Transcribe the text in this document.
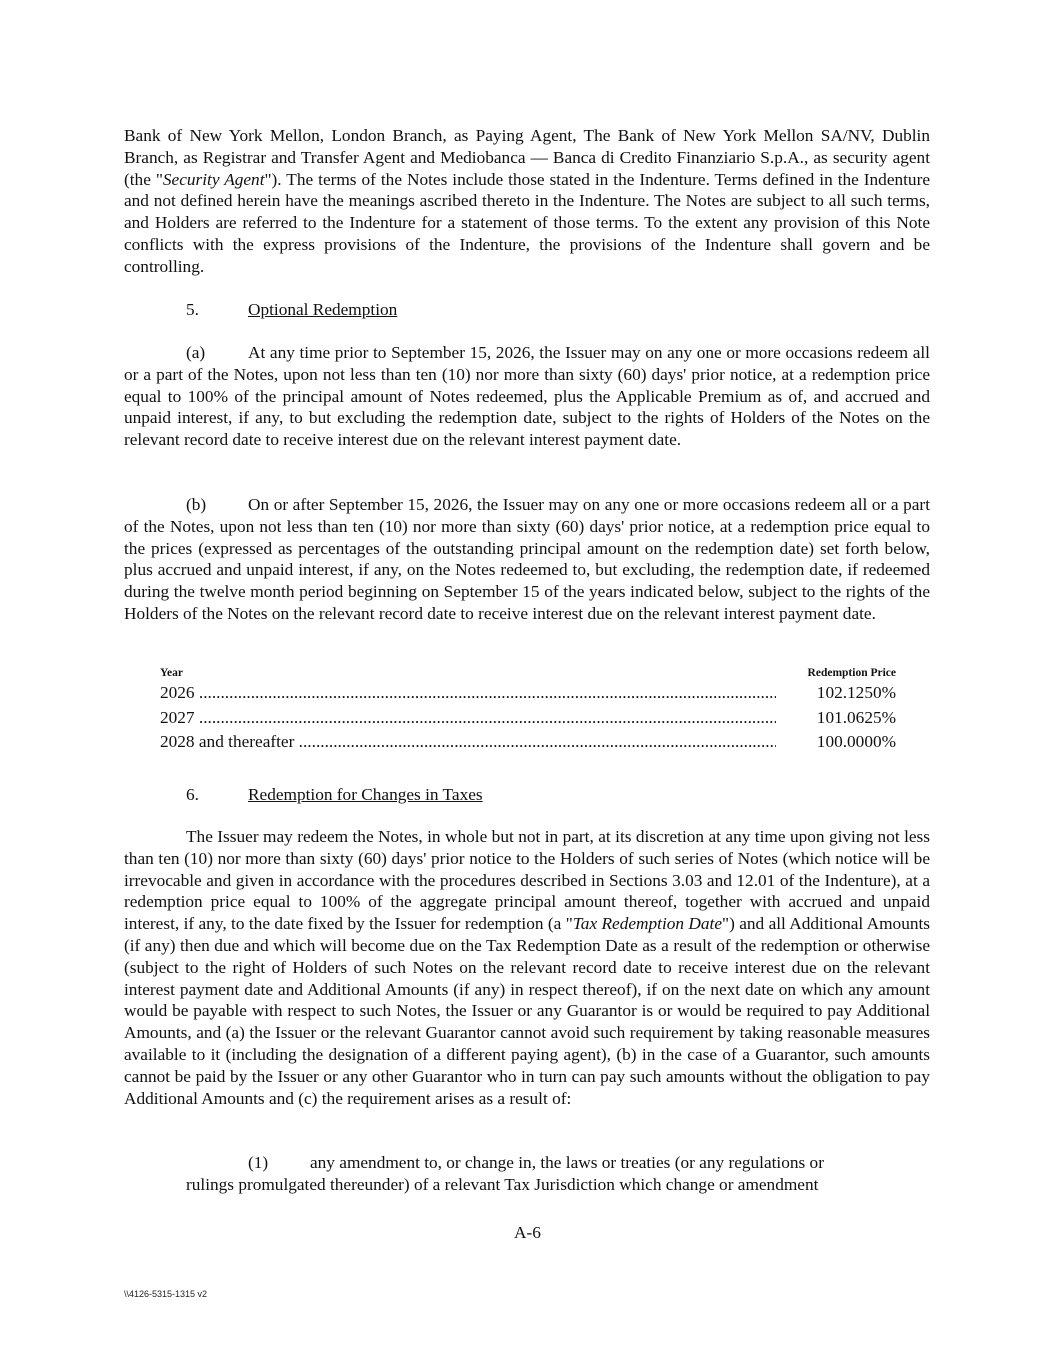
Bank of New York Mellon, London Branch, as Paying Agent, The Bank of New York Mellon SA/NV, Dublin Branch, as Registrar and Transfer Agent and Mediobanca — Banca di Credito Finanziario S.p.A., as security agent (the "Security Agent"). The terms of the Notes include those stated in the Indenture. Terms defined in the Indenture and not defined herein have the meanings ascribed thereto in the Indenture. The Notes are subject to all such terms, and Holders are referred to the Indenture for a statement of those terms. To the extent any provision of this Note conflicts with the express provisions of the Indenture, the provisions of the Indenture shall govern and be controlling.

5.	Optional Redemption

(a) At any time prior to September 15, 2026, the Issuer may on any one or more occasions redeem all or a part of the Notes, upon not less than ten (10) nor more than sixty (60) days' prior notice, at a redemption price equal to 100% of the principal amount of Notes redeemed, plus the Applicable Premium as of, and accrued and unpaid interest, if any, to but excluding the redemption date, subject to the rights of Holders of the Notes on the relevant record date to receive interest due on the relevant interest payment date.

(b) On or after September 15, 2026, the Issuer may on any one or more occasions redeem all or a part of the Notes, upon not less than ten (10) nor more than sixty (60) days' prior notice, at a redemption price equal to the prices (expressed as percentages of the outstanding principal amount on the redemption date) set forth below, plus accrued and unpaid interest, if any, on the Notes redeemed to, but excluding, the redemption date, if redeemed during the twelve month period beginning on September 15 of the years indicated below, subject to the rights of the Holders of the Notes on the relevant record date to receive interest due on the relevant interest payment date.

Year	Redemption Price
2026 .....	102.1250%
2027 .....	101.0625%
2028 and thereafter .....	100.0000%

6.	Redemption for Changes in Taxes

The Issuer may redeem the Notes, in whole but not in part, at its discretion at any time upon giving not less than ten (10) nor more than sixty (60) days' prior notice to the Holders of such series of Notes (which notice will be irrevocable and given in accordance with the procedures described in Sections 3.03 and 12.01 of the Indenture), at a redemption price equal to 100% of the aggregate principal amount thereof, together with accrued and unpaid interest, if any, to the date fixed by the Issuer for redemption (a "Tax Redemption Date") and all Additional Amounts (if any) then due and which will become due on the Tax Redemption Date as a result of the redemption or otherwise (subject to the right of Holders of such Notes on the relevant record date to receive interest due on the relevant interest payment date and Additional Amounts (if any) in respect thereof), if on the next date on which any amount would be payable with respect to such Notes, the Issuer or any Guarantor is or would be required to pay Additional Amounts, and (a) the Issuer or the relevant Guarantor cannot avoid such requirement by taking reasonable measures available to it (including the designation of a different paying agent), (b) in the case of a Guarantor, such amounts cannot be paid by the Issuer or any other Guarantor who in turn can pay such amounts without the obligation to pay Additional Amounts and (c) the requirement arises as a result of:

(1) any amendment to, or change in, the laws or treaties (or any regulations or
rulings promulgated thereunder) of a relevant Tax Jurisdiction which change or amendment
A-6
\\4126-5315-1315 v2
